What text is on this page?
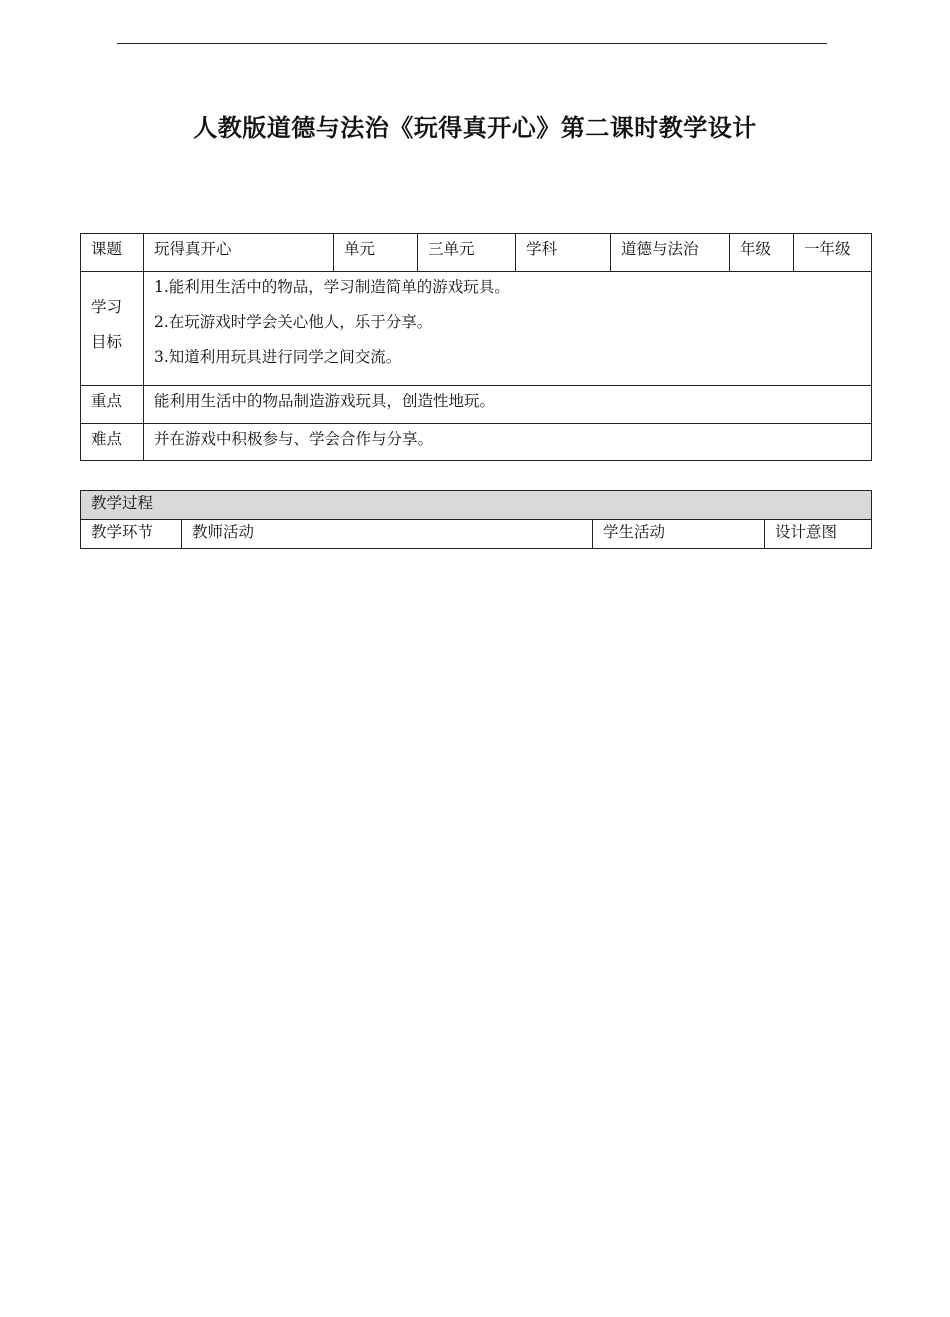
人教版道德与法治《玩得真开心》第二课时教学设计
课题	玩得真开心	单元	三单元	学科	道德与法治	年级	一年级

学习
目标	1.能利用生活中的物品，学习制造简单的游戏玩具。
2.在玩游戏时学会关心他人，乐于分享。
3.知道利用玩具进行同学之间交流。						

重点	能利用生活中的物品制造游戏玩具，创造性地玩。						
难点	并在游戏中积极参与、学会合作与分享。						
教学过程
教学环节	教师活动	学生活动	设计意图
